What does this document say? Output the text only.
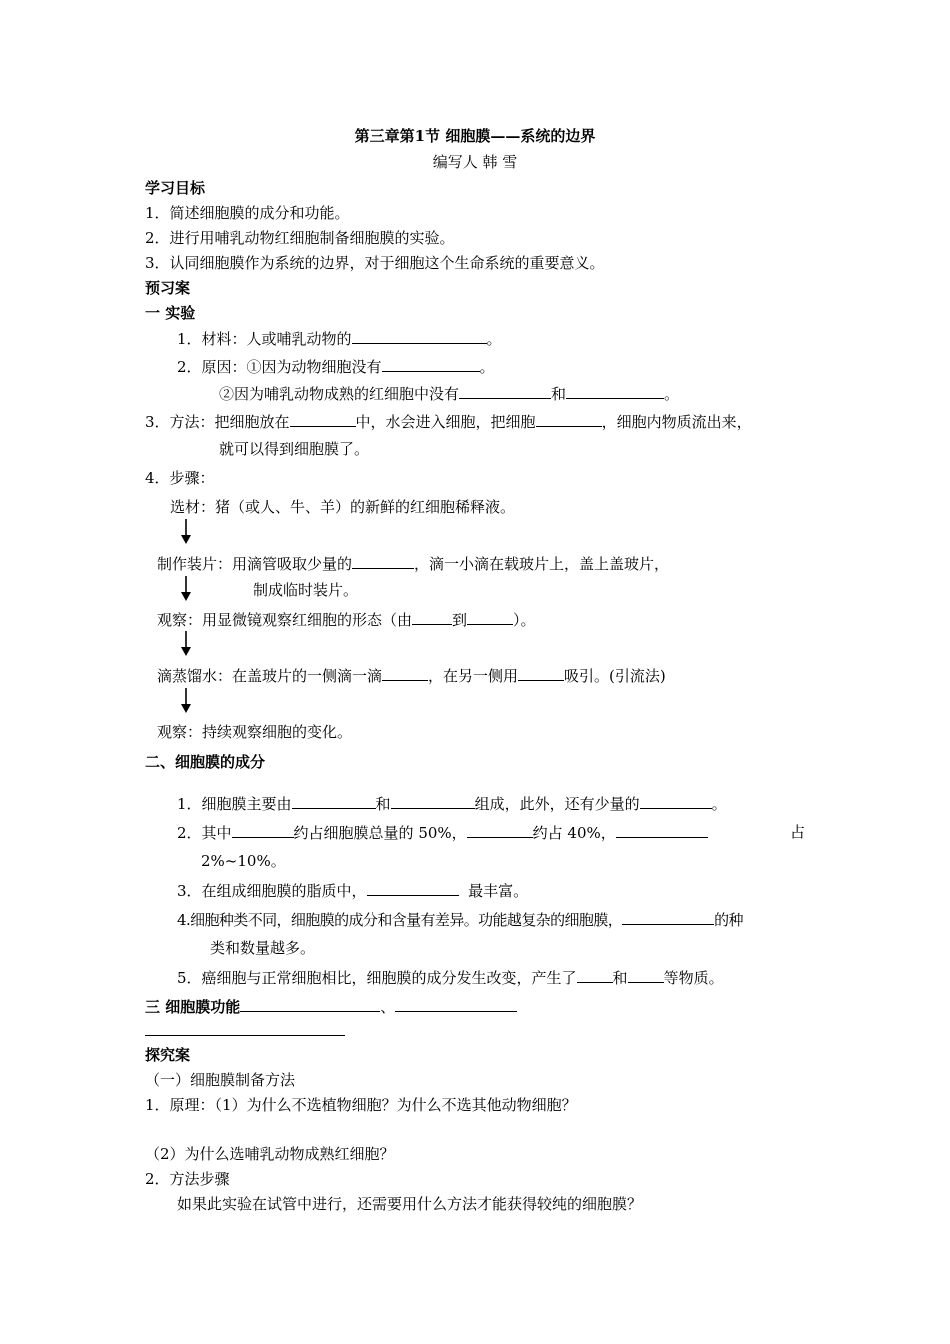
第三章第1节 细胞膜——系统的边界
编写人 韩 雪
学习目标
1．简述细胞膜的成分和功能。
2．进行用哺乳动物红细胞制备细胞膜的实验。
3．认同细胞膜作为系统的边界，对于细胞这个生命系统的重要意义。
预习案
一 实验
1．材料：人或哺乳动物的	。
2．原因：①因为动物细胞没有	。
②因为哺乳动物成熟的红细胞中没有	和	。
3．方法：把细胞放在	中，水会进入细胞，把细胞	，细胞内物质流出来，
就可以得到细胞膜了。
4．步骤：
选材：猪（或人、牛、羊）的新鲜的红细胞稀释液。
制作装片：用滴管吸取少量的	，滴一小滴在载玻片上，盖上盖玻片，
制成临时装片。
观察：用显微镜观察红细胞的形态（由	到	）。
滴蒸馏水：在盖玻片的一侧滴一滴	，在另一侧用	吸引。(引流法)
观察：持续观察细胞的变化。
二、细胞膜的成分
1．细胞膜主要由	和	组成，此外，还有少量的	。
2．其中	约占细胞膜总量的 50%，	约占 40%，	占
2%~10%。
3．在组成细胞膜的脂质中，	最丰富。
4.细胞种类不同，细胞膜的成分和含量有差异。功能越复杂的细胞膜，	的种
类和数量越多。
5．癌细胞与正常细胞相比，细胞膜的成分发生改变，产生了 和 等物质。
三 细胞膜功能	、
探究案
（一）细胞膜制备方法
1．原理：（1）为什么不选植物细胞？为什么不选其他动物细胞？
（2）为什么选哺乳动物成熟红细胞？
2．方法步骤
如果此实验在试管中进行，还需要用什么方法才能获得较纯的细胞膜？
